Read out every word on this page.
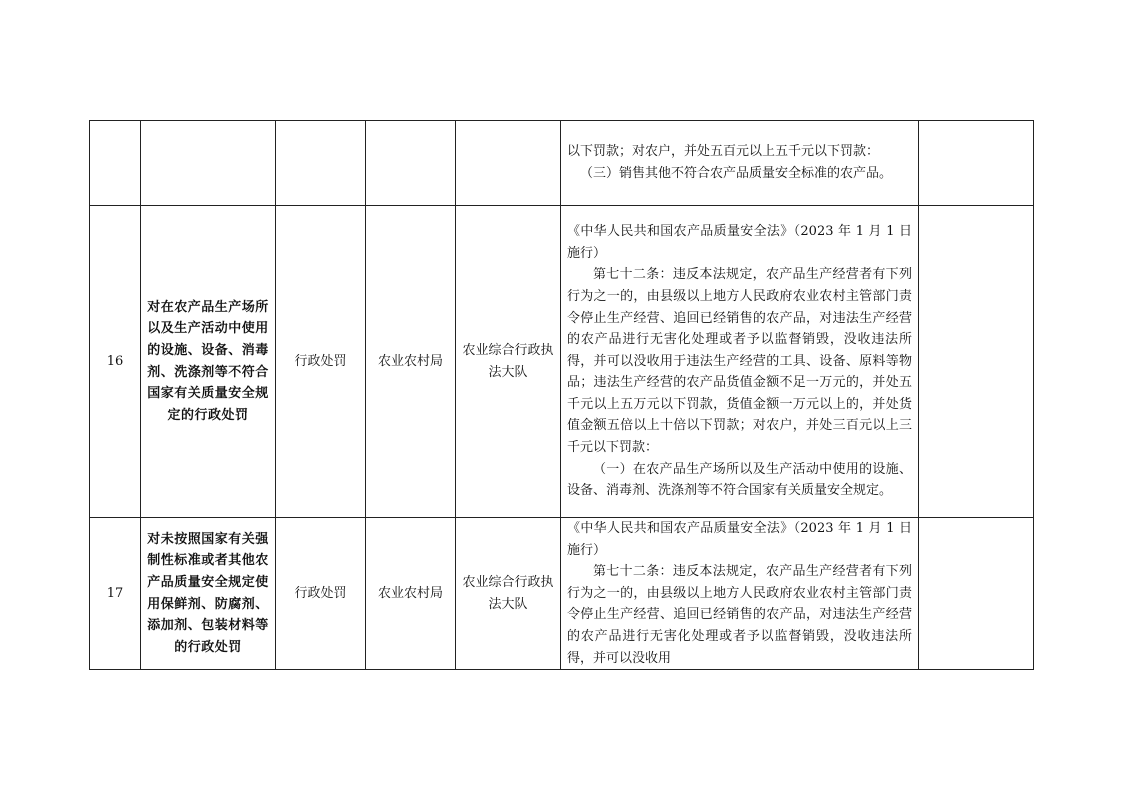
					以下罚款；对农户，并处五百元以上五千元以下罚款：

（三）销售其他不符合农产品质量安全标准的农产品。	

16	对在农产品生产场所以及生产活动中使用的设施、设备、消毒剂、洗涤剂等不符合国家有关质量安全规定的行政处罚	行政处罚	农业农村局	农业综合行政执法大队	《中华人民共和国农产品质量安全法》（2023 年 1 月 1 日施行）

第七十二条：违反本法规定，农产品生产经营者有下列行为之一的，由县级以上地方人民政府农业农村主管部门责令停止生产经营、追回已经销售的农产品，对违法生产经营的农产品进行无害化处理或者予以监督销毁，没收违法所得，并可以没收用于违法生产经营的工具、设备、原料等物品；违法生产经营的农产品货值金额不足一万元的，并处五千元以上五万元以下罚款，货值金额一万元以上的，并处货值金额五倍以上十倍以下罚款；对农户，并处三百元以上三千元以下罚款：

（一）在农产品生产场所以及生产活动中使用的设施、设备、消毒剂、洗涤剂等不符合国家有关质量安全规定。	

17	对未按照国家有关强制性标准或者其他农产品质量安全规定使用保鲜剂、防腐剂、添加剂、包装材料等的行政处罚	行政处罚	农业农村局	农业综合行政执法大队	《中华人民共和国农产品质量安全法》（2023 年 1 月 1 日施行）

第七十二条：违反本法规定，农产品生产经营者有下列行为之一的，由县级以上地方人民政府农业农村主管部门责令停止生产经营、追回已经销售的农产品，对违法生产经营的农产品进行无害化处理或者予以监督销毁，没收违法所得，并可以没收用	
